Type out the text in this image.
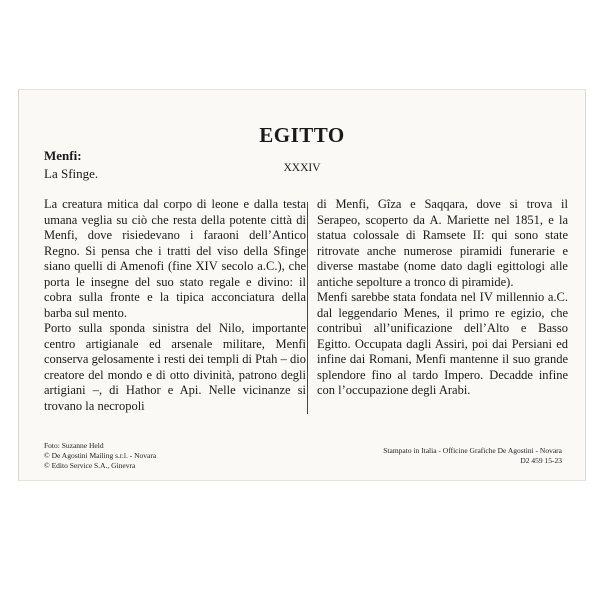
EGITTO
XXXIV
Menfi:
La Sfinge.

La creatura mitica dal corpo di leone e dalla testa umana veglia su ciò che resta della potente città di Menfi, dove risiedevano i faraoni dell’Antico Regno. Si pensa che i tratti del viso della Sfinge siano quelli di Amenofi (fine XIV secolo a.C.), che porta le insegne del suo stato regale e divino: il cobra sulla fronte e la tipica acconciatura della barba sul mento.

Porto sulla sponda sinistra del Nilo, importante centro artigianale ed arsenale militare, Menfi conserva gelosamente i resti dei templi di Ptah – dio creatore del mondo e di otto divinità, patrono degli artigiani –, di Hathor e Api. Nelle vicinanze si trovano la necropoli

di Menfi, Gîza e Saqqara, dove si trova il Serapeo, scoperto da A. Mariette nel 1851, e la statua colossale di Ramsete II: qui sono state ritrovate anche numerose piramidi funerarie e diverse mastabe (nome dato dagli egittologi alle antiche sepolture a tronco di piramide).

Menfi sarebbe stata fondata nel IV millennio a.C. dal leggendario Menes, il primo re egizio, che contribuì all’unificazione dell’Alto e Basso Egitto. Occupata dagli Assiri, poi dai Persiani ed infine dai Romani, Menfi mantenne il suo grande splendore fino al tardo Impero. Decadde infine con l’occupazione degli Arabi.

Foto: Suzanne Held
© De Agostini Mailing s.r.l. - Novara
© Edito Service S.A., Ginevra
Stampato in Italia - Officine Grafiche De Agostini - Novara
D2 459 15-23
